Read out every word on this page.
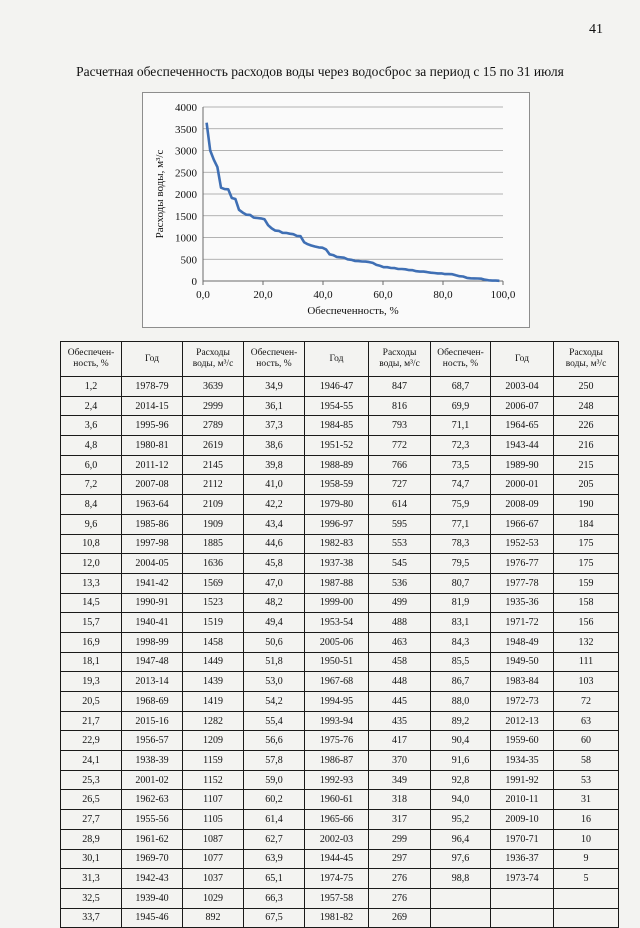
41
Расчетная обеспеченность расходов воды через водосброс за период с 15 по 31 июля
0
500
1000
1500
2000
2500
3000
3500
4000
0,0	20,0	40,0	60,0	80,0	100,0
Обеспеченность, %
Расходы воды, м³/с
Обеспечен-
ность, %	Год	Расходы
воды, м³/с	Обеспечен-
ность, %	Год	Расходы
воды, м³/с	Обеспечен-
ность, %	Год	Расходы
воды, м³/с
1,2	1978-79	3639	34,9	1946-47	847	68,7	2003-04	250
2,4	2014-15	2999	36,1	1954-55	816	69,9	2006-07	248
3,6	1995-96	2789	37,3	1984-85	793	71,1	1964-65	226
4,8	1980-81	2619	38,6	1951-52	772	72,3	1943-44	216
6,0	2011-12	2145	39,8	1988-89	766	73,5	1989-90	215
7,2	2007-08	2112	41,0	1958-59	727	74,7	2000-01	205
8,4	1963-64	2109	42,2	1979-80	614	75,9	2008-09	190
9,6	1985-86	1909	43,4	1996-97	595	77,1	1966-67	184
10,8	1997-98	1885	44,6	1982-83	553	78,3	1952-53	175
12,0	2004-05	1636	45,8	1937-38	545	79,5	1976-77	175
13,3	1941-42	1569	47,0	1987-88	536	80,7	1977-78	159
14,5	1990-91	1523	48,2	1999-00	499	81,9	1935-36	158
15,7	1940-41	1519	49,4	1953-54	488	83,1	1971-72	156
16,9	1998-99	1458	50,6	2005-06	463	84,3	1948-49	132
18,1	1947-48	1449	51,8	1950-51	458	85,5	1949-50	111
19,3	2013-14	1439	53,0	1967-68	448	86,7	1983-84	103
20,5	1968-69	1419	54,2	1994-95	445	88,0	1972-73	72
21,7	2015-16	1282	55,4	1993-94	435	89,2	2012-13	63
22,9	1956-57	1209	56,6	1975-76	417	90,4	1959-60	60
24,1	1938-39	1159	57,8	1986-87	370	91,6	1934-35	58
25,3	2001-02	1152	59,0	1992-93	349	92,8	1991-92	53
26,5	1962-63	1107	60,2	1960-61	318	94,0	2010-11	31
27,7	1955-56	1105	61,4	1965-66	317	95,2	2009-10	16
28,9	1961-62	1087	62,7	2002-03	299	96,4	1970-71	10
30,1	1969-70	1077	63,9	1944-45	297	97,6	1936-37	9
31,3	1942-43	1037	65,1	1974-75	276	98,8	1973-74	5
32,5	1939-40	1029	66,3	1957-58	276			
33,7	1945-46	892	67,5	1981-82	269			
